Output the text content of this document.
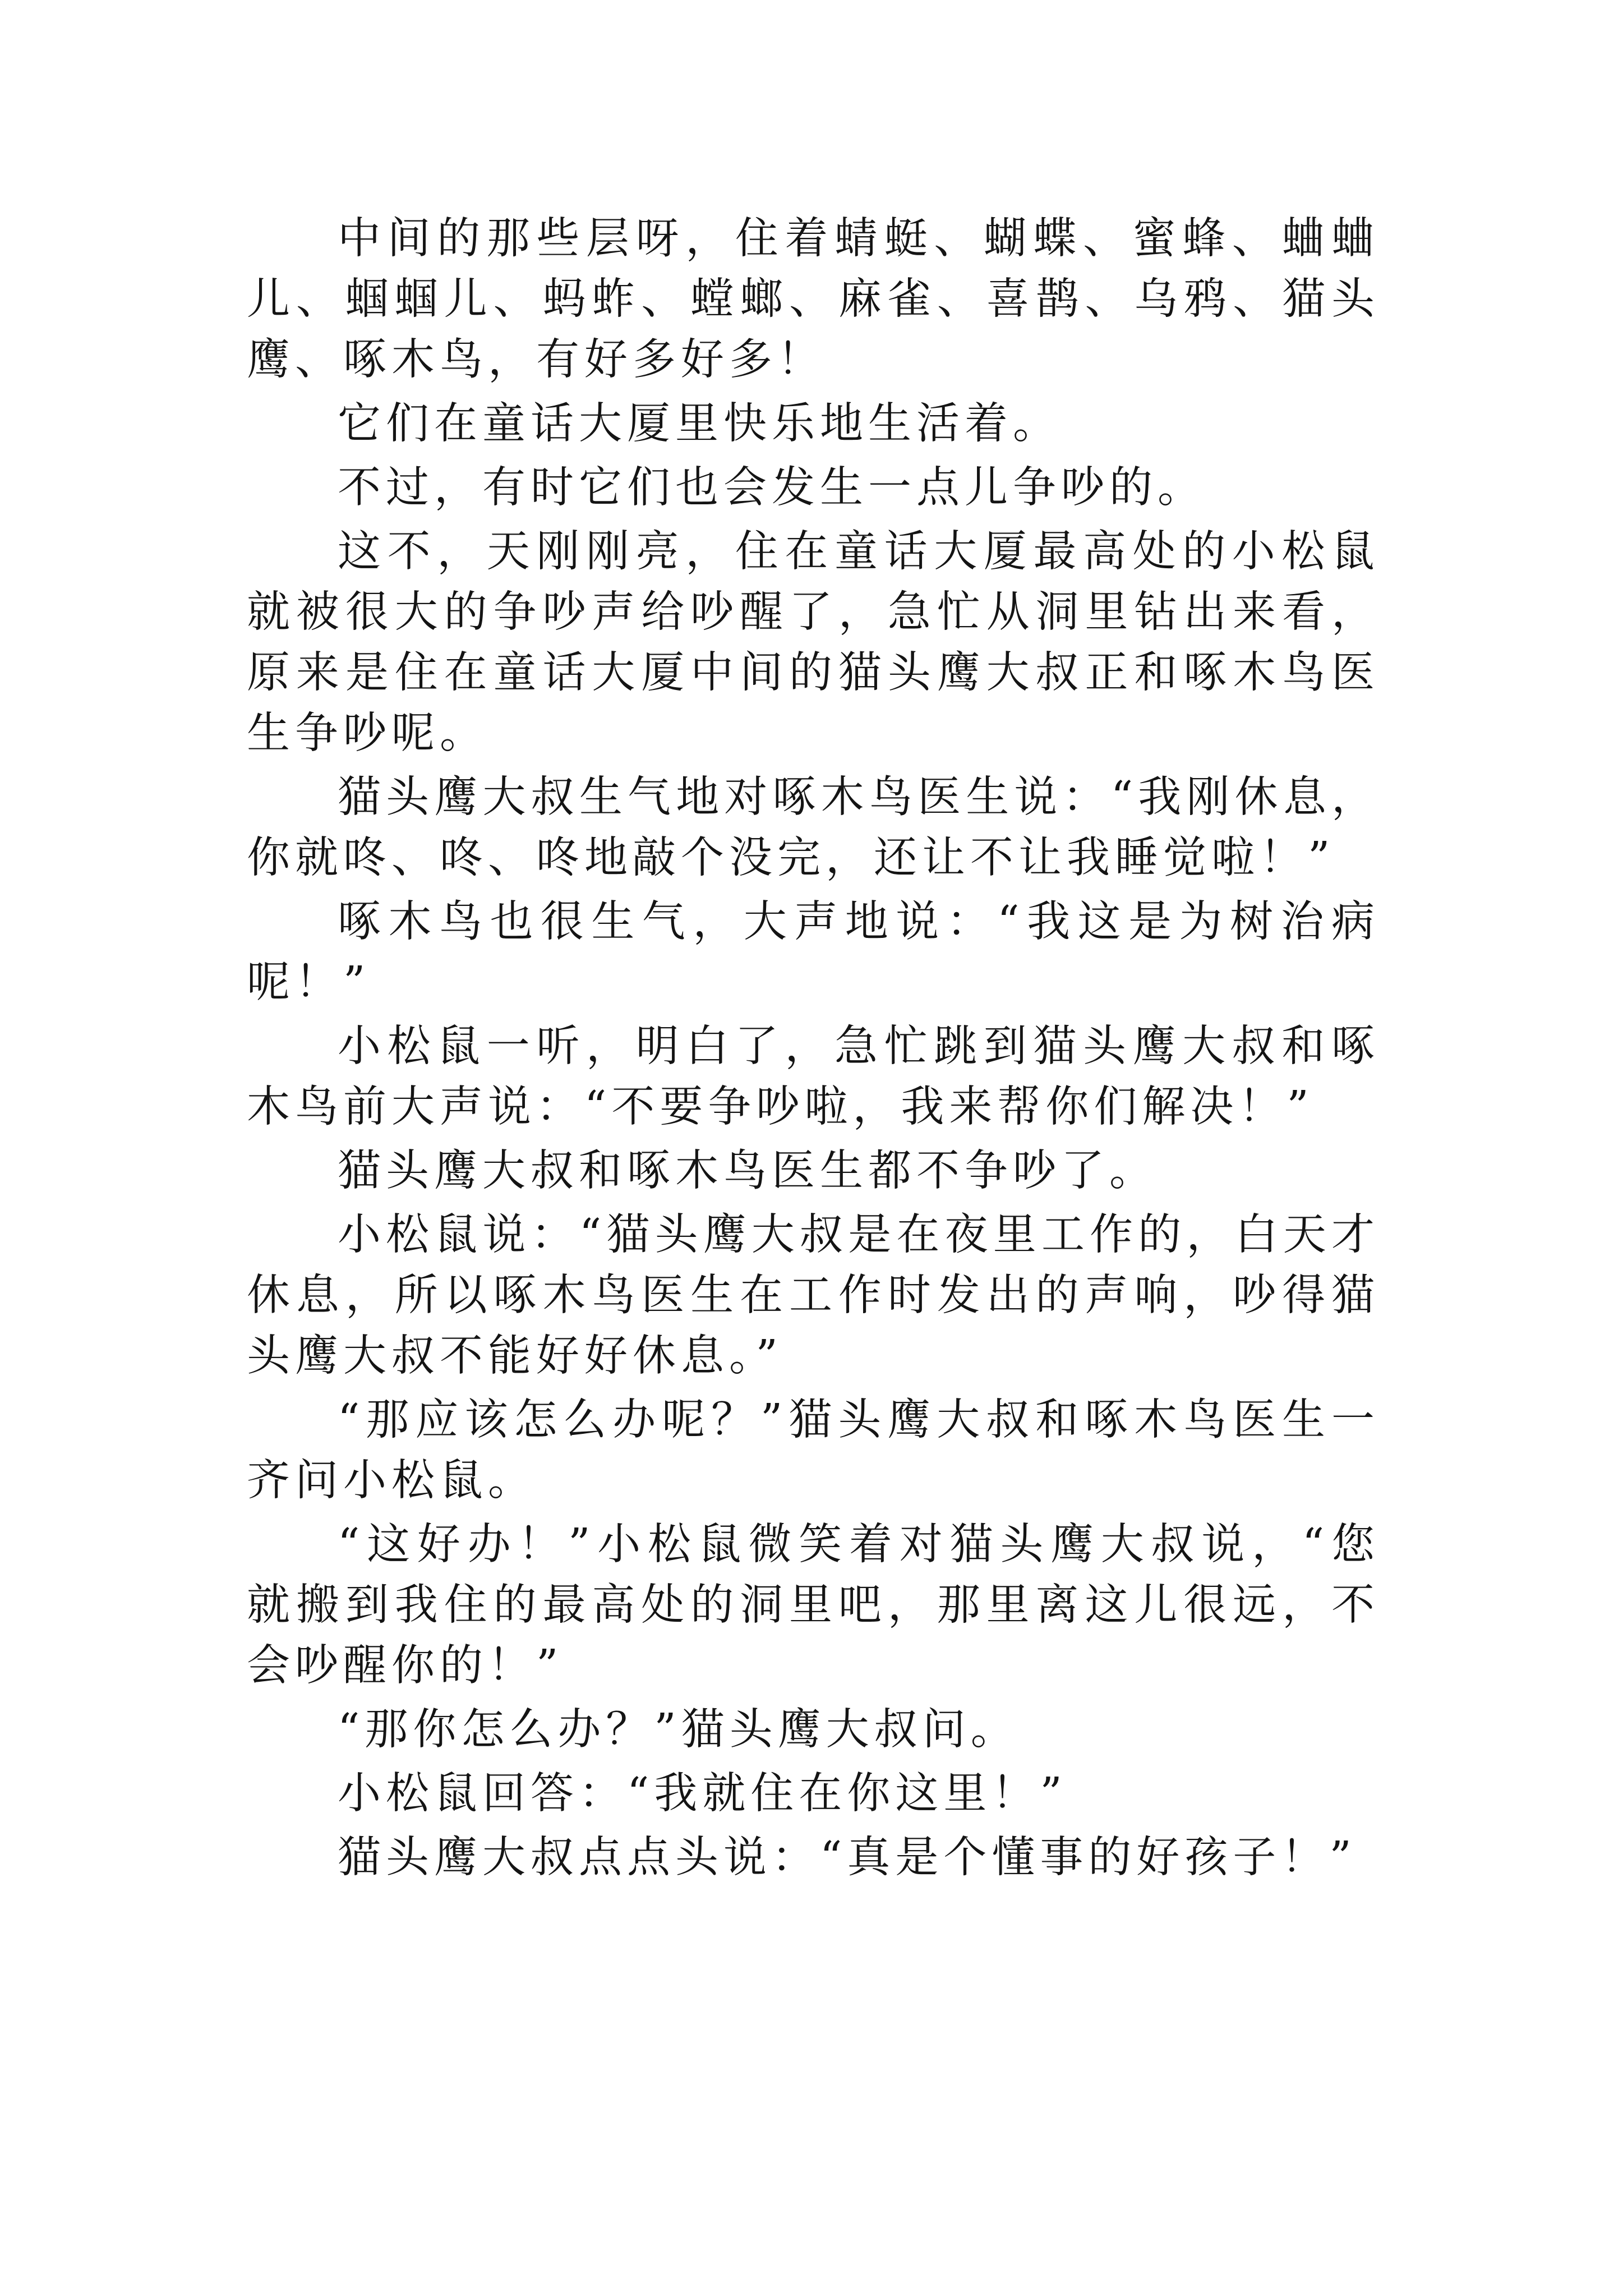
中间的那些层呀，住着蜻蜓、蝴蝶、蜜蜂、蛐蛐儿、蝈蝈儿、蚂蚱、螳螂、麻雀、喜鹊、乌鸦、猫头鹰、啄木鸟，有好多好多！

它们在童话大厦里快乐地生活着。

不过，有时它们也会发生一点儿争吵的。

这不，天刚刚亮，住在童话大厦最高处的小松鼠就被很大的争吵声给吵醒了，急忙从洞里钻出来看，原来是住在童话大厦中间的猫头鹰大叔正和啄木鸟医生争吵呢。

猫头鹰大叔生气地对啄木鸟医生说：“我刚休息，你就咚、咚、咚地敲个没完，还让不让我睡觉啦！”

啄木鸟也很生气，大声地说：“我这是为树治病呢！”

小松鼠一听，明白了，急忙跳到猫头鹰大叔和啄木鸟前大声说：“不要争吵啦，我来帮你们解决！”

猫头鹰大叔和啄木鸟医生都不争吵了。

小松鼠说：“猫头鹰大叔是在夜里工作的，白天才休息，所以啄木鸟医生在工作时发出的声响，吵得猫头鹰大叔不能好好休息。”

“那应该怎么办呢？”猫头鹰大叔和啄木鸟医生一齐问小松鼠。

“这好办！”小松鼠微笑着对猫头鹰大叔说，“您就搬到我住的最高处的洞里吧，那里离这儿很远，不会吵醒你的！”

“那你怎么办？”猫头鹰大叔问。

小松鼠回答：“我就住在你这里！”

猫头鹰大叔点点头说：“真是个懂事的好孩子！”
